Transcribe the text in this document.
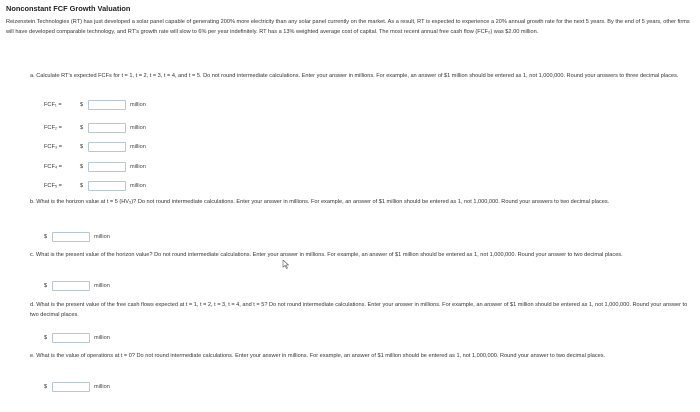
Nonconstant FCF Growth Valuation
Reizenstein Technologies (RT) has just developed a solar panel capable of generating 200% more electricity than any solar panel currently on the market. As a result, RT is expected to experience a 20% annual growth rate for the next 5 years. By the end of 5 years, other firms will have developed comparable technology, and RT's growth rate will slow to 6% per year indefinitely. RT has a 13% weighted average cost of capital. The most recent annual free cash flow (FCF₀) was $2.00 million.
a. Calculate RT's expected FCFs for t = 1, t = 2, t = 3, t = 4, and t = 5. Do not round intermediate calculations. Enter your answer in millions. For example, an answer of $1 million should be entered as 1, not 1,000,000. Round your answers to three decimal places.
FCF₁ =	$	million
FCF₂ =	$	million
FCF₃ =	$	million
FCF₄ =	$	million
FCF₅ =	$	million
b. What is the horizon value at t = 5 (HV₅)? Do not round intermediate calculations. Enter your answer in millions. For example, an answer of $1 million should be entered as 1, not 1,000,000. Round your answers to two decimal places.
$	million
c. What is the present value of the horizon value? Do not round intermediate calculations. Enter your answer in millions. For example, an answer of $1 million should be entered as 1, not 1,000,000. Round your answer to two decimal places.
$	million
d. What is the present value of the free cash flows expected at t = 1, t = 2, t = 3, t = 4, and t = 5? Do not round intermediate calculations. Enter your answer in millions. For example, an answer of $1 million should be entered as 1, not 1,000,000. Round your answer to two decimal places.
$	million
e. What is the value of operations at t = 0? Do not round intermediate calculations. Enter your answer in millions. For example, an answer of $1 million should be entered as 1, not 1,000,000. Round your answer to two decimal places.
$	million
